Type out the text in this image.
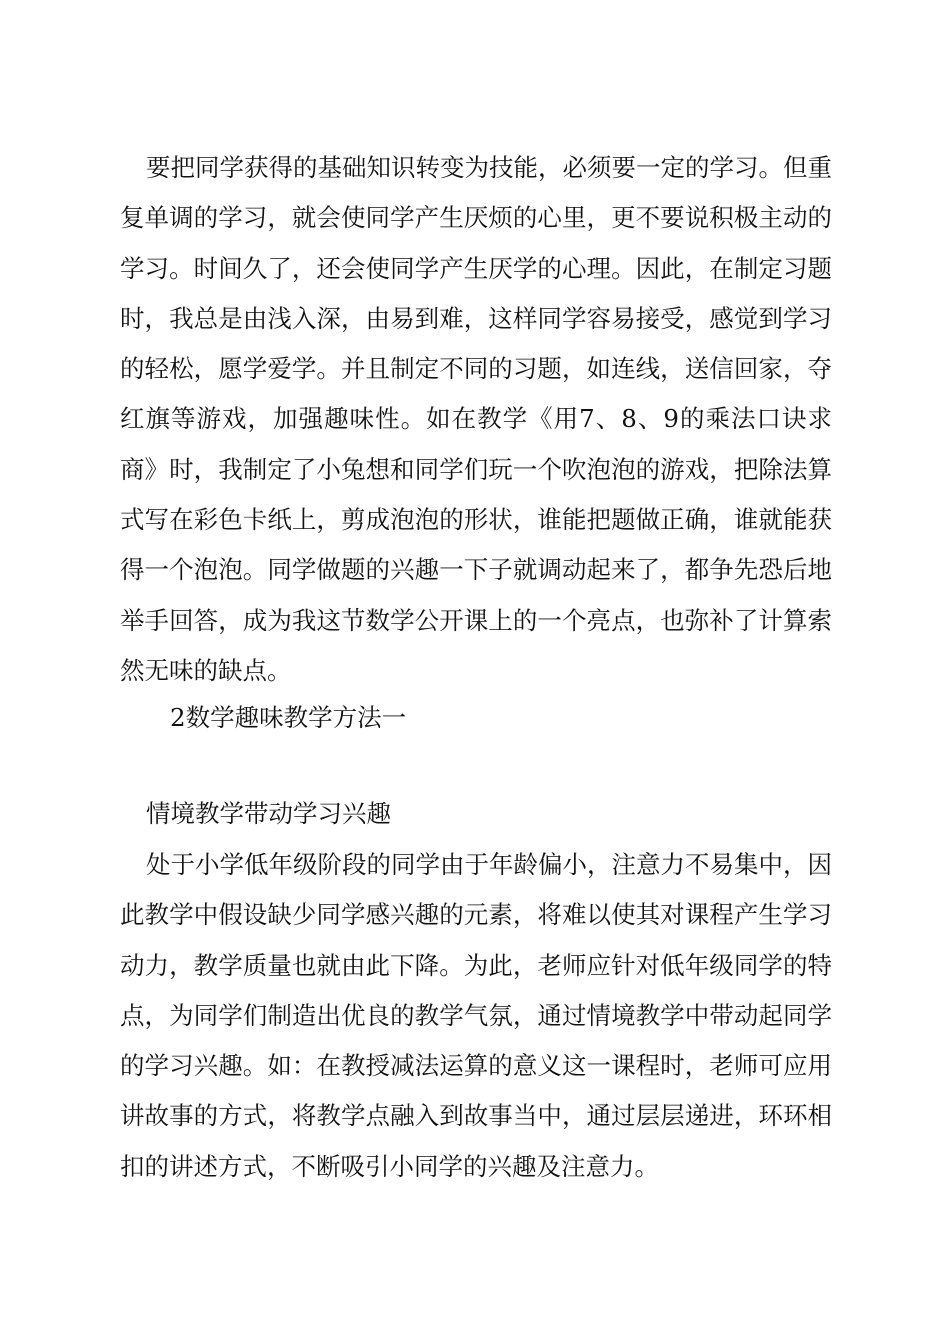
要把同学获得的基础知识转变为技能，必须要一定的学习。但重复单调的学习，就会使同学产生厌烦的心里，更不要说积极主动的学习。时间久了，还会使同学产生厌学的心理。因此，在制定习题时，我总是由浅入深，由易到难，这样同学容易接受，感觉到学习的轻松，愿学爱学。并且制定不同的习题，如连线，送信回家，夺红旗等游戏，加强趣味性。如在教学《用7、8、9的乘法口诀求商》时，我制定了小兔想和同学们玩一个吹泡泡的游戏，把除法算式写在彩色卡纸上，剪成泡泡的形状，谁能把题做正确，谁就能获得一个泡泡。同学做题的兴趣一下子就调动起来了，都争先恐后地举手回答，成为我这节数学公开课上的一个亮点，也弥补了计算索然无味的缺点。

2数学趣味教学方法一

情境教学带动学习兴趣

处于小学低年级阶段的同学由于年龄偏小，注意力不易集中，因此教学中假设缺少同学感兴趣的元素，将难以使其对课程产生学习动力，教学质量也就由此下降。为此，老师应针对低年级同学的特点，为同学们制造出优良的教学气氛，通过情境教学中带动起同学的学习兴趣。如：在教授减法运算的意义这一课程时，老师可应用讲故事的方式，将教学点融入到故事当中，通过层层递进，环环相扣的讲述方式，不断吸引小同学的兴趣及注意力。
